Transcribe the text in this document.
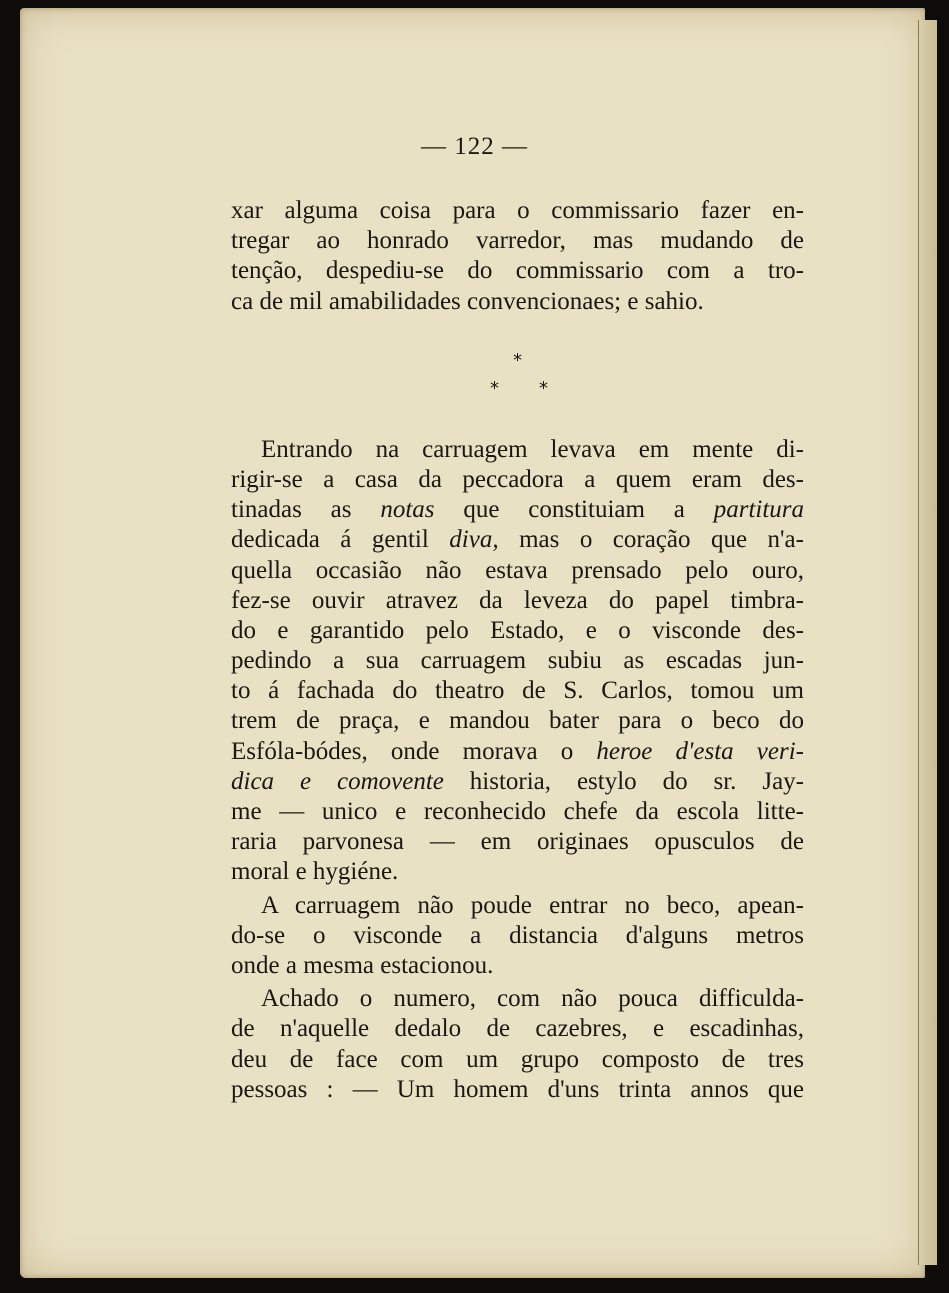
— 122 —
*
* *
xar alguma coisa para o commissario fazer en-
tregar ao honrado varredor, mas mudando de
tenção, despediu-se do commissario com a tro-
ca de mil amabilidades convencionaes; e sahio.
Entrando na carruagem levava em mente di-
rigir-se a casa da peccadora a quem eram des-
tinadas as notas que constituiam a partitura
dedicada á gentil diva, mas o coração que n'a-
quella occasião não estava prensado pelo ouro,
fez-se ouvir atravez da leveza do papel timbra-
do e garantido pelo Estado, e o visconde des-
pedindo a sua carruagem subiu as escadas jun-
to á fachada do theatro de S. Carlos, tomou um
trem de praça, e mandou bater para o beco do
Esfóla-bódes, onde morava o heroe d'esta veri-
dica e comovente historia, estylo do sr. Jay-
me — unico e reconhecido chefe da escola litte-
raria parvonesa — em originaes opusculos de
moral e hygiéne.
A carruagem não poude entrar no beco, apean-
do-se o visconde a distancia d'alguns metros
onde a mesma estacionou.
Achado o numero, com não pouca difficulda-
de n'aquelle dedalo de cazebres, e escadinhas,
deu de face com um grupo composto de tres
pessoas : — Um homem d'uns trinta annos que
